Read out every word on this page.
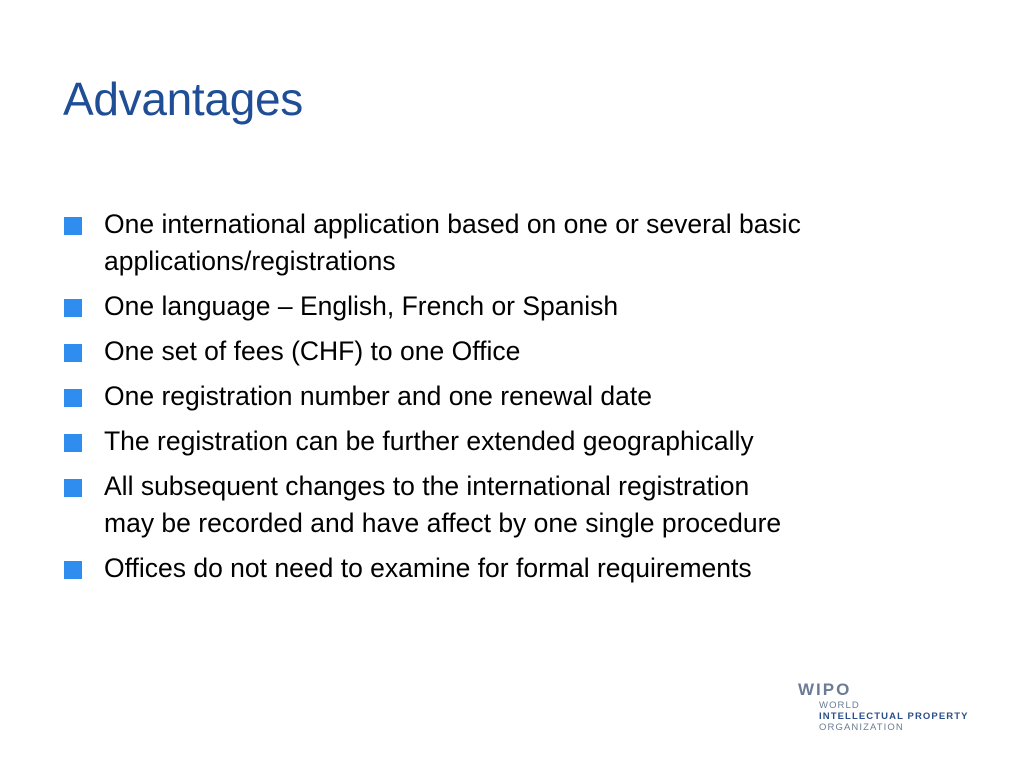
Advantages
One international application based on one or several basic
applications/registrations
One language – English, French or Spanish
One set of fees (CHF) to one Office
One registration number and one renewal date
The registration can be further extended geographically
All subsequent changes to the international registration
may be recorded and have affect by one single procedure
Offices do not need to examine for formal requirements
WIPO
WORLD
INTELLECTUAL PROPERTY
ORGANIZATION
